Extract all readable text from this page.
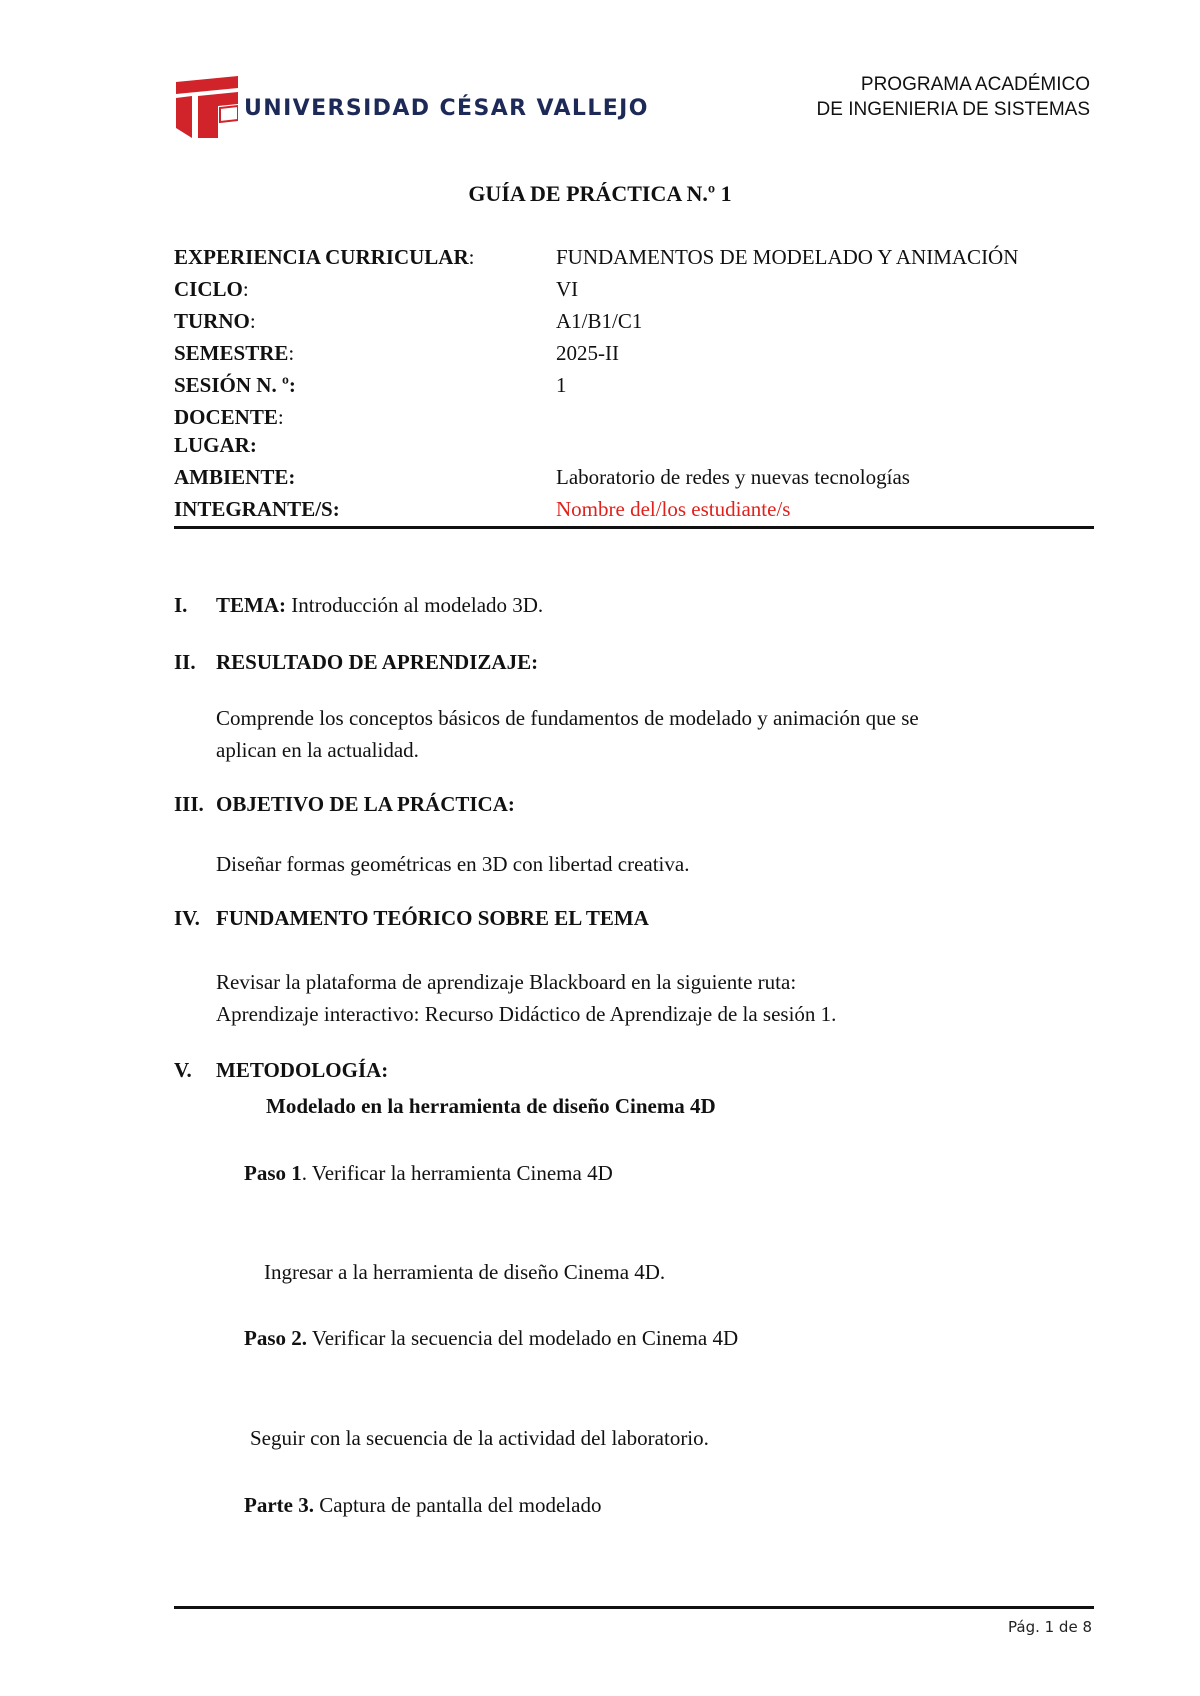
UNIVERSIDAD CÉSAR VALLEJO
PROGRAMA ACADÉMICO
DE INGENIERIA DE SISTEMAS
GUÍA DE PRÁCTICA N.º 1
EXPERIENCIA CURRICULAR:	FUNDAMENTOS DE MODELADO Y ANIMACIÓN
CICLO:	VI
TURNO:	A1/B1/C1
SEMESTRE:	2025-II
SESIÓN N. º:	1
DOCENTE:
LUGAR:
AMBIENTE:	Laboratorio de redes y nuevas tecnologías
INTEGRANTE/S:	Nombre del/los estudiante/s
I. TEMA: Introducción al modelado 3D.
II. RESULTADO DE APRENDIZAJE:
Comprende los conceptos básicos de fundamentos de modelado y animación que se
aplican en la actualidad.
III. OBJETIVO DE LA PRÁCTICA:
Diseñar formas geométricas en 3D con libertad creativa.
IV. FUNDAMENTO TEÓRICO SOBRE EL TEMA
Revisar la plataforma de aprendizaje Blackboard en la siguiente ruta:
Aprendizaje interactivo: Recurso Didáctico de Aprendizaje de la sesión 1.
V. METODOLOGÍA:
Modelado en la herramienta de diseño Cinema 4D
Paso 1. Verificar la herramienta Cinema 4D
Ingresar a la herramienta de diseño Cinema 4D.
Paso 2. Verificar la secuencia del modelado en Cinema 4D
Seguir con la secuencia de la actividad del laboratorio.
Parte 3. Captura de pantalla del modelado
Pág. 1 de 8
